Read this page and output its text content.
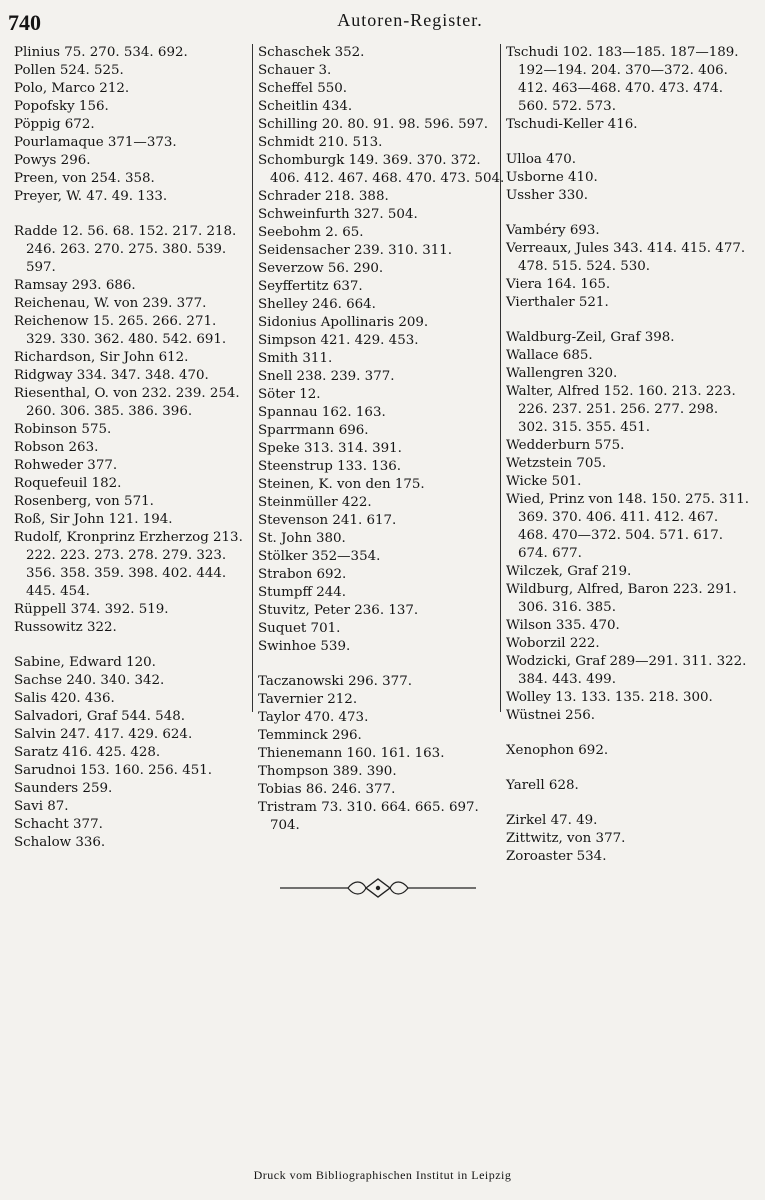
740	Autoren-Register.
Plinius 75. 270. 534. 692.
Pollen 524. 525.
Polo, Marco 212.
Popofsky 156.
Pöppig 672.
Pourlamaque 371—373.
Powys 296.
Preen, von 254. 358.
Preyer, W. 47. 49. 133.
Radde 12. 56. 68. 152. 217. 218. 246. 263. 270. 275. 380. 539. 597.
Ramsay 293. 686.
Reichenau, W. von 239. 377.
Reichenow 15. 265. 266. 271. 329. 330. 362. 480. 542. 691.
Richardson, Sir John 612.
Ridgway 334. 347. 348. 470.
Riesenthal, O. von 232. 239. 254. 260. 306. 385. 386. 396.
Robinson 575.
Robson 263.
Rohweder 377.
Roquefeuil 182.
Rosenberg, von 571.
Roß, Sir John 121. 194.
Rudolf, Kronprinz Erzherzog 213. 222. 223. 273. 278. 279. 323. 356. 358. 359. 398. 402. 444. 445. 454.
Rüppell 374. 392. 519.
Russowitz 322.
Sabine, Edward 120.
Sachse 240. 340. 342.
Salis 420. 436.
Salvadori, Graf 544. 548.
Salvin 247. 417. 429. 624.
Saratz 416. 425. 428.
Sarudnoi 153. 160. 256. 451.
Saunders 259.
Savi 87.
Schacht 377.
Schalow 336.
Schaschek 352.
Schauer 3.
Scheffel 550.
Scheitlin 434.
Schilling 20. 80. 91. 98. 596. 597.
Schmidt 210. 513.
Schomburgk 149. 369. 370. 372. 406. 412. 467. 468. 470. 473. 504.
Schrader 218. 388.
Schweinfurth 327. 504.
Seebohm 2. 65.
Seidensacher 239. 310. 311.
Severzow 56. 290.
Seyffertitz 637.
Shelley 246. 664.
Sidonius Apollinaris 209.
Simpson 421. 429. 453.
Smith 311.
Snell 238. 239. 377.
Söter 12.
Spannau 162. 163.
Sparrmann 696.
Speke 313. 314. 391.
Steenstrup 133. 136.
Steinen, K. von den 175.
Steinmüller 422.
Stevenson 241. 617.
St. John 380.
Stölker 352—354.
Strabon 692.
Stumpff 244.
Stuvitz, Peter 236. 137.
Suquet 701.
Swinhoe 539.
Taczanowski 296. 377.
Tavernier 212.
Taylor 470. 473.
Temminck 296.
Thienemann 160. 161. 163.
Thompson 389. 390.
Tobias 86. 246. 377.
Tristram 73. 310. 664. 665. 697. 704.
Tschudi 102. 183—185. 187—189. 192—194. 204. 370—372. 406. 412. 463—468. 470. 473. 474. 560. 572. 573.
Tschudi-Keller 416.
Ulloa 470.
Usborne 410.
Ussher 330.
Vambéry 693.
Verreaux, Jules 343. 414. 415. 477. 478. 515. 524. 530.
Viera 164. 165.
Vierthaler 521.
Waldburg-Zeil, Graf 398.
Wallace 685.
Wallengren 320.
Walter, Alfred 152. 160. 213. 223. 226. 237. 251. 256. 277. 298. 302. 315. 355. 451.
Wedderburn 575.
Wetzstein 705.
Wicke 501.
Wied, Prinz von 148. 150. 275. 311. 369. 370. 406. 411. 412. 467. 468. 470—372. 504. 571. 617. 674. 677.
Wilczek, Graf 219.
Wildburg, Alfred, Baron 223. 291. 306. 316. 385.
Wilson 335. 470.
Woborzil 222.
Wodzicki, Graf 289—291. 311. 322. 384. 443. 499.
Wolley 13. 133. 135. 218. 300.
Wüstnei 256.
Xenophon 692.
Yarell 628.
Zirkel 47. 49.
Zittwitz, von 377.
Zoroaster 534.
Druck vom Bibliographischen Institut in Leipzig
